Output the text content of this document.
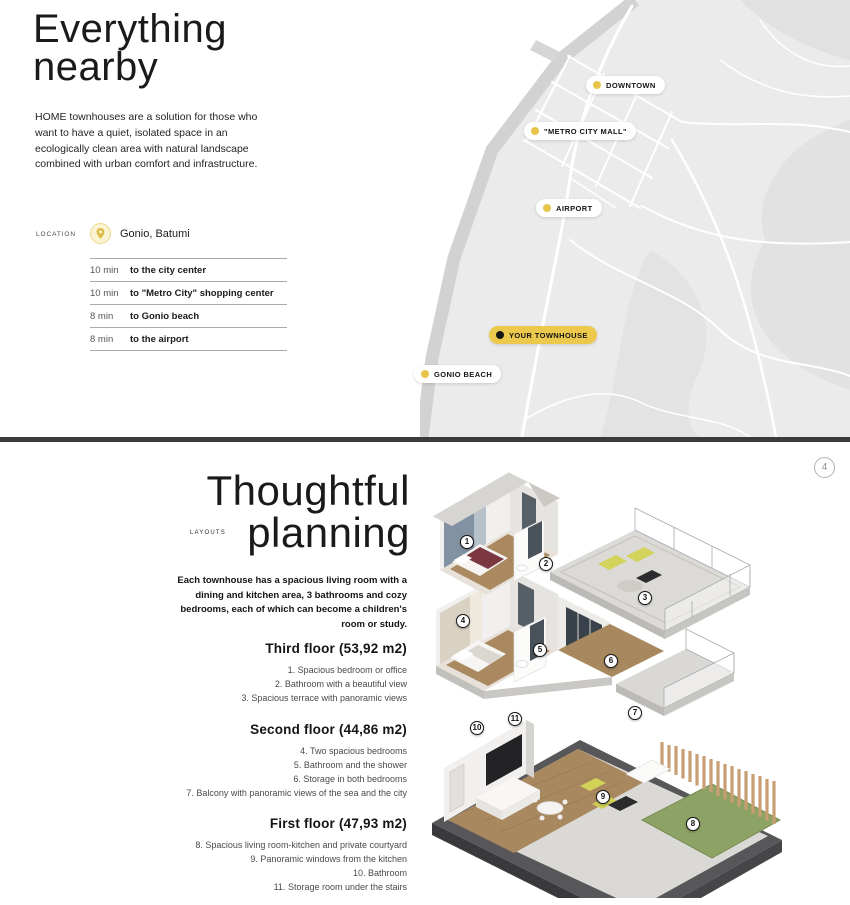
DOWNTOWN
"METRO CITY MALL"
AIRPORT
YOUR TOWNHOUSE
GONIO BEACH
Everything
nearby

HOME townhouses are a solution for those who want to have a quiet, isolated space in an ecologically clean area with natural landscape combined with urban comfort and infrastructure.

LOCATION	Gonio, Batumi
10 min	to the city center
10 min	to "Metro City" shopping center
8 min	to Gonio beach
8 min	to the airport
4
Thoughtful
planning
LAYOUTS

Each townhouse has a spacious living room with a dining and kitchen area, 3 bathrooms and cozy bedrooms, each of which can become a children's room or study.

Third floor (53,92 m2)
1. Spacious bedroom or office
2. Bathroom with a beautiful view
3. Spacious terrace with panoramic views
Second floor (44,86 m2)
4. Two spacious bedrooms
5. Bathroom and the shower
6. Storage in both bedrooms
7. Balcony with panoramic views of the sea and the city
First floor (47,93 m2)
8. Spacious living room-kitchen and private courtyard
9. Panoramic windows from the kitchen
10. Bathroom
11. Storage room under the stairs
1
2
3
4
5
6
7
8
9
10
11
